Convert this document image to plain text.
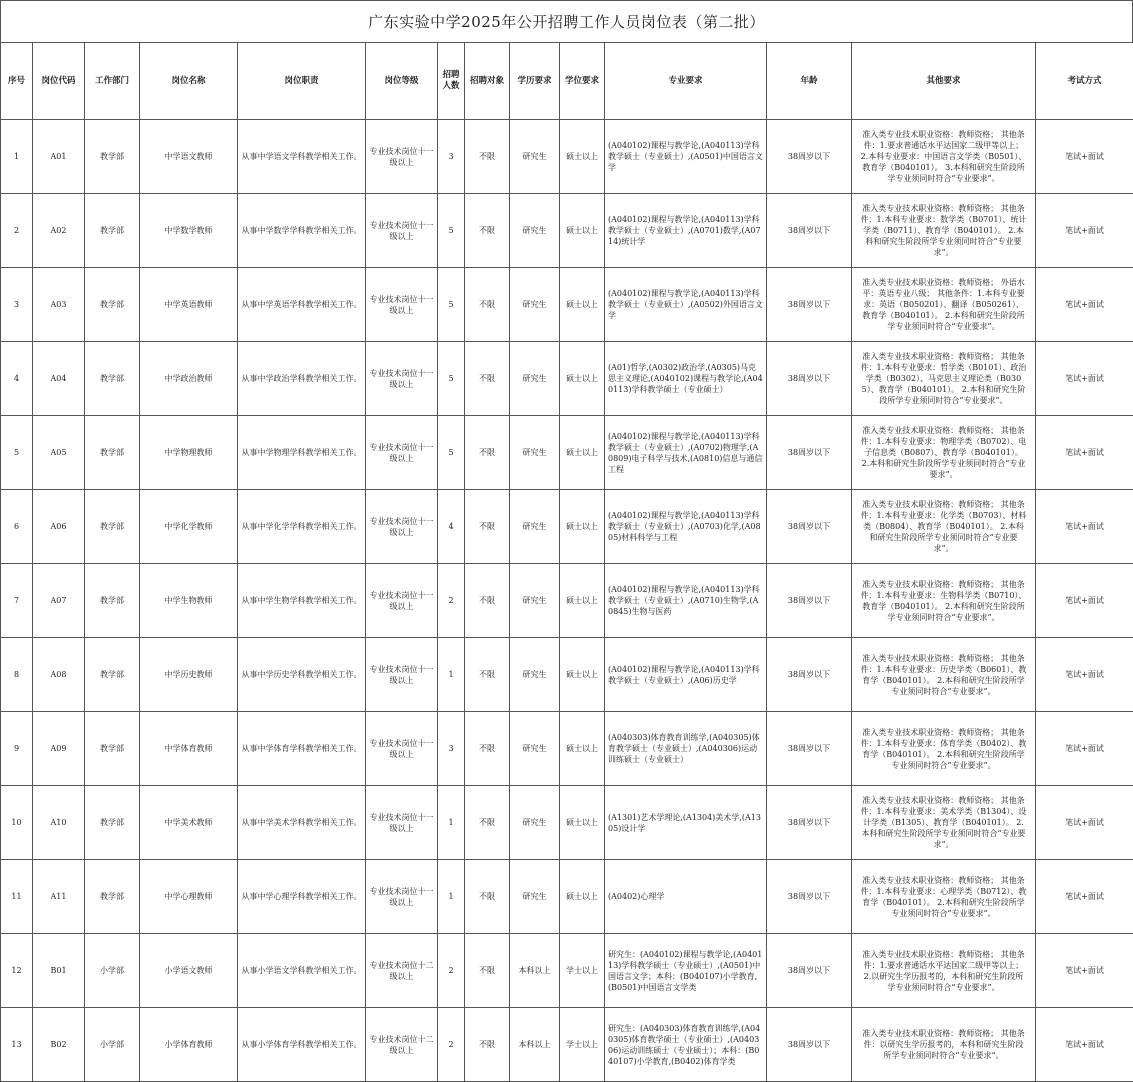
广东实验中学2025年公开招聘工作人员岗位表（第二批）
序号	岗位代码	工作部门	岗位名称	岗位职责	岗位等级	招聘人数	招聘对象	学历要求	学位要求	专业要求	年龄	其他要求	考试方式
1	A01	教学部	中学语文教师	从事中学语文学科教学相关工作。	专业技术岗位十一级以上	3	不限	研究生	硕士以上	(A040102)课程与教学论,(A040113)学科教学硕士（专业硕士）,(A0501)中国语言文学	38周岁以下	准入类专业技术职业资格：教师资格； 其他条件：1.要求普通话水平达国家二级甲等以上； 2.本科专业要求：中国语言文学类（B0501）、教育学（B040101）。 3.本科和研究生阶段所学专业须同时符合“专业要求”。	笔试+面试
2	A02	教学部	中学数学教师	从事中学数学学科教学相关工作。	专业技术岗位十一级以上	5	不限	研究生	硕士以上	(A040102)课程与教学论,(A040113)学科教学硕士（专业硕士）,(A0701)数学,(A0714)统计学	38周岁以下	准入类专业技术职业资格：教师资格； 其他条件：1.本科专业要求：数学类（B0701）、统计学类（B0711）、教育学（B040101）。 2.本科和研究生阶段所学专业须同时符合“专业要求”。	笔试+面试
3	A03	教学部	中学英语教师	从事中学英语学科教学相关工作。	专业技术岗位十一级以上	5	不限	研究生	硕士以上	(A040102)课程与教学论,(A040113)学科教学硕士（专业硕士）,(A0502)外国语言文学	38周岁以下	准入类专业技术职业资格：教师资格； 外语水平：英语专业八级； 其他条件：1.本科专业要求：英语（B050201）、翻译（B050261）、教育学（B040101）。 2.本科和研究生阶段所学专业须同时符合“专业要求”。	笔试+面试
4	A04	教学部	中学政治教师	从事中学政治学科教学相关工作。	专业技术岗位十一级以上	5	不限	研究生	硕士以上	(A01)哲学,(A0302)政治学,(A0305)马克思主义理论,(A040102)课程与教学论,(A040113)学科教学硕士（专业硕士）	38周岁以下	准入类专业技术职业资格：教师资格； 其他条件：1.本科专业要求：哲学类（B0101）、政治学类（B0302）、马克思主义理论类（B0305）、教育学（B040101）。 2.本科和研究生阶段所学专业须同时符合“专业要求”。	笔试+面试
5	A05	教学部	中学物理教师	从事中学物理学科教学相关工作。	专业技术岗位十一级以上	5	不限	研究生	硕士以上	(A040102)课程与教学论,(A040113)学科教学硕士（专业硕士）,(A0702)物理学,(A0809)电子科学与技术,(A0810)信息与通信工程	38周岁以下	准入类专业技术职业资格：教师资格； 其他条件：1.本科专业要求：物理学类（B0702）、电子信息类（B0807）、教育学（B040101）。 2.本科和研究生阶段所学专业须同时符合“专业要求”。	笔试+面试
6	A06	教学部	中学化学教师	从事中学化学学科教学相关工作。	专业技术岗位十一级以上	4	不限	研究生	硕士以上	(A040102)课程与教学论,(A040113)学科教学硕士（专业硕士）,(A0703)化学,(A0805)材料科学与工程	38周岁以下	准入类专业技术职业资格：教师资格； 其他条件：1.本科专业要求：化学类（B0703）、材料类（B0804）、教育学（B040101）。 2.本科和研究生阶段所学专业须同时符合“专业要求”。	笔试+面试
7	A07	教学部	中学生物教师	从事中学生物学科教学相关工作。	专业技术岗位十一级以上	2	不限	研究生	硕士以上	(A040102)课程与教学论,(A040113)学科教学硕士（专业硕士）,(A0710)生物学,(A0845)生物与医药	38周岁以下	准入类专业技术职业资格：教师资格； 其他条件：1.本科专业要求：生物科学类（B0710）、教育学（B040101）。 2.本科和研究生阶段所学专业须同时符合“专业要求”。	笔试+面试
8	A08	教学部	中学历史教师	从事中学历史学科教学相关工作。	专业技术岗位十一级以上	1	不限	研究生	硕士以上	(A040102)课程与教学论,(A040113)学科教学硕士（专业硕士）,(A06)历史学	38周岁以下	准入类专业技术职业资格：教师资格； 其他条件：1.本科专业要求：历史学类（B0601）、教育学（B040101）。 2.本科和研究生阶段所学专业须同时符合“专业要求”。	笔试+面试
9	A09	教学部	中学体育教师	从事中学体育学科教学相关工作。	专业技术岗位十一级以上	3	不限	研究生	硕士以上	(A040303)体育教育训练学,(A040305)体育教学硕士（专业硕士）,(A040306)运动训练硕士（专业硕士）	38周岁以下	准入类专业技术职业资格：教师资格； 其他条件：1.本科专业要求：体育学类（B0402）、教育学（B040101）。 2.本科和研究生阶段所学专业须同时符合“专业要求”。	笔试+面试
10	A10	教学部	中学美术教师	从事中学美术学科教学相关工作。	专业技术岗位十一级以上	1	不限	研究生	硕士以上	(A1301)艺术学理论,(A1304)美术学,(A1305)设计学	38周岁以下	准入类专业技术职业资格：教师资格； 其他条件：1.本科专业要求：美术学类（B1304）、设计学类（B1305）、教育学（B040101）。 2.本科和研究生阶段所学专业须同时符合“专业要求”。	笔试+面试
11	A11	教学部	中学心理教师	从事中学心理学科教学相关工作。	专业技术岗位十一级以上	1	不限	研究生	硕士以上	(A0402)心理学	38周岁以下	准入类专业技术职业资格：教师资格； 其他条件：1.本科专业要求：心理学类（B0712）、教育学（B040101）。 2.本科和研究生阶段所学专业须同时符合“专业要求”。	笔试+面试
12	B01	小学部	小学语文教师	从事小学语文学科教学相关工作。	专业技术岗位十二级以上	2	不限	本科以上	学士以上	研究生：(A040102)课程与教学论,(A040113)学科教学硕士（专业硕士）,(A0501)中国语言文学；本科：(B040107)小学教育,(B0501)中国语言文学类	38周岁以下	准入类专业技术职业资格：教师资格； 其他条件：1.要求普通话水平达国家二级甲等以上； 2.以研究生学历报考的，本科和研究生阶段所学专业须同时符合“专业要求”。	笔试+面试
13	B02	小学部	小学体育教师	从事小学体育学科教学相关工作。	专业技术岗位十二级以上	2	不限	本科以上	学士以上	研究生：(A040303)体育教育训练学,(A040305)体育教学硕士（专业硕士）,(A040306)运动训练硕士（专业硕士）；本科：(B040107)小学教育,(B0402)体育学类	38周岁以下	准入类专业技术职业资格：教师资格； 其他条件：以研究生学历报考的，本科和研究生阶段所学专业须同时符合“专业要求”。	笔试+面试
